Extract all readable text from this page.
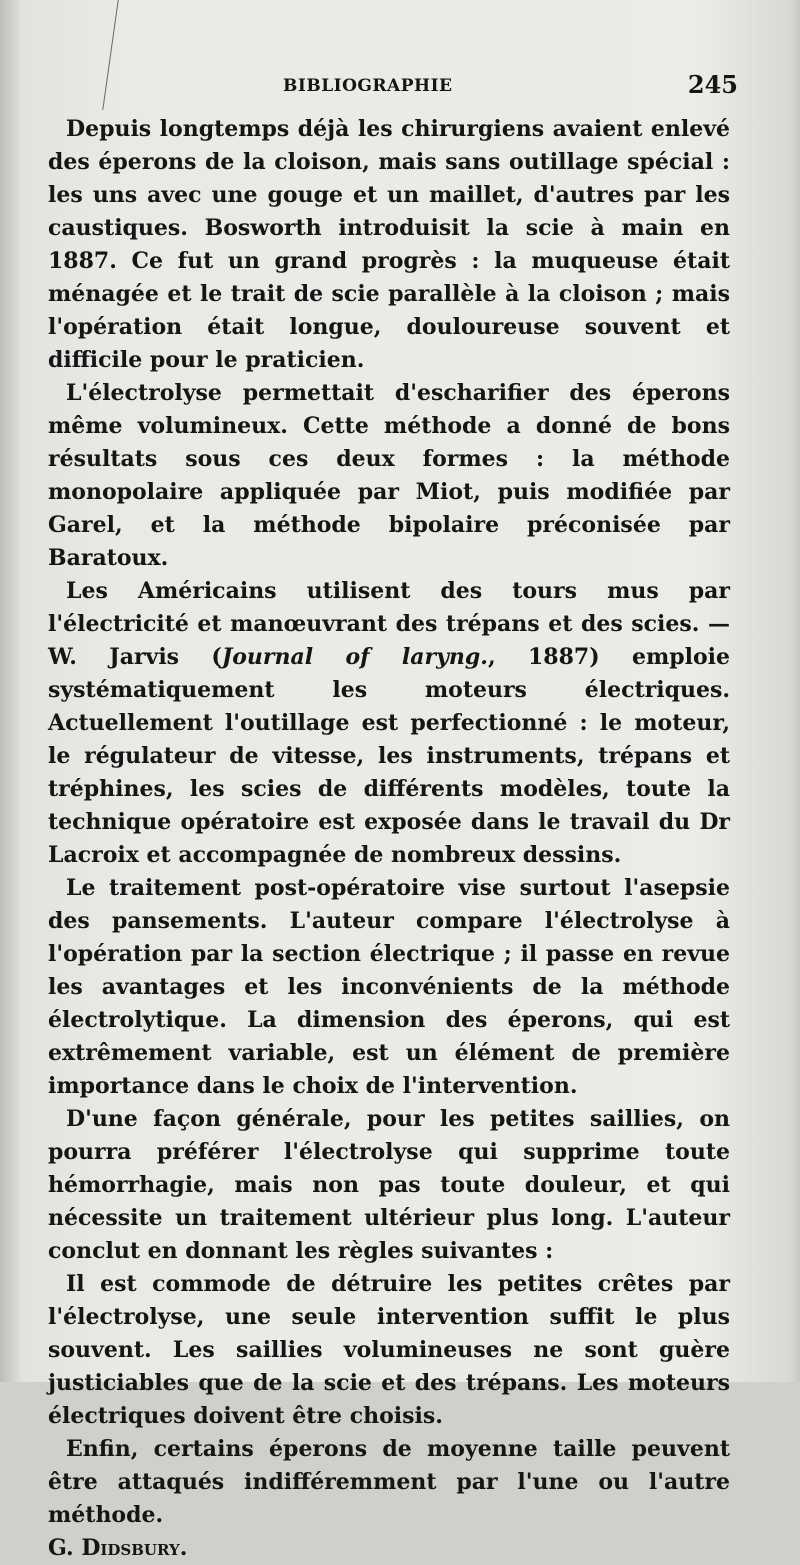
BIBLIOGRAPHIE	245

Depuis longtemps déjà les chirurgiens avaient enlevé des éperons de la cloison, mais sans outillage spécial : les uns avec une gouge et un maillet, d'autres par les caustiques. Bosworth introduisit la scie à main en 1887. Ce fut un grand progrès : la muqueuse était ménagée et le trait de scie parallèle à la cloison ; mais l'opération était longue, douloureuse souvent et difficile pour le praticien.

L'électrolyse permettait d'escharifier des éperons même volumineux. Cette méthode a donné de bons résultats sous ces deux formes : la méthode monopolaire appliquée par Miot, puis modifiée par Garel, et la méthode bipolaire préconisée par Baratoux.

Les Américains utilisent des tours mus par l'électricité et manœuvrant des trépans et des scies. — W. Jarvis (Journal of laryng., 1887) emploie systématiquement les moteurs électriques. Actuellement l'outillage est perfectionné : le moteur, le régulateur de vitesse, les instruments, trépans et tréphines, les scies de différents modèles, toute la technique opératoire est exposée dans le travail du Dr Lacroix et accompagnée de nombreux dessins.

Le traitement post-opératoire vise surtout l'asepsie des pansements. L'auteur compare l'électrolyse à l'opération par la section électrique ; il passe en revue les avantages et les inconvénients de la méthode électrolytique. La dimension des éperons, qui est extrêmement variable, est un élément de première importance dans le choix de l'intervention.

D'une façon générale, pour les petites saillies, on pourra préférer l'électrolyse qui supprime toute hémorrhagie, mais non pas toute douleur, et qui nécessite un traitement ultérieur plus long. L'auteur conclut en donnant les règles suivantes :

Il est commode de détruire les petites crêtes par l'électrolyse, une seule intervention suffit le plus souvent. Les saillies volumineuses ne sont guère justiciables que de la scie et des trépans. Les moteurs électriques doivent être choisis.

Enfin, certains éperons de moyenne taille peuvent être attaqués indifféremment par l'une ou l'autre méthode.

G. Didsbury.
